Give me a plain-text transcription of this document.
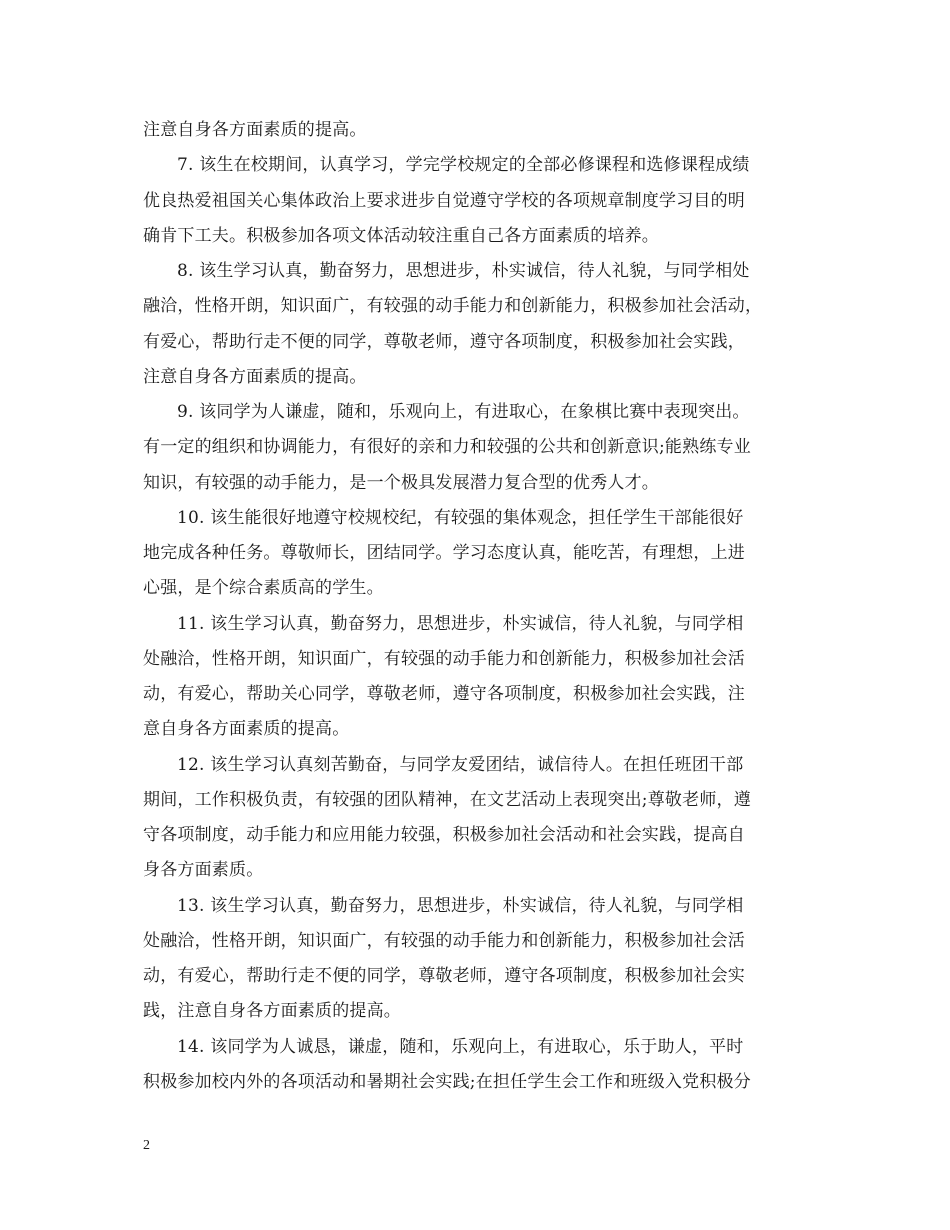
注意自身各方面素质的提高。
7. 该生在校期间，认真学习，学完学校规定的全部必修课程和选修课程成绩
优良热爱祖国关心集体政治上要求进步自觉遵守学校的各项规章制度学习目的明
确肯下工夫。积极参加各项文体活动较注重自己各方面素质的培养。
8. 该生学习认真，勤奋努力，思想进步，朴实诚信，待人礼貌，与同学相处
融洽，性格开朗，知识面广，有较强的动手能力和创新能力，积极参加社会活动，
有爱心，帮助行走不便的同学，尊敬老师，遵守各项制度，积极参加社会实践，
注意自身各方面素质的提高。
9. 该同学为人谦虚，随和，乐观向上，有进取心，在象棋比赛中表现突出。
有一定的组织和协调能力，有很好的亲和力和较强的公共和创新意识;能熟练专业
知识，有较强的动手能力，是一个极具发展潜力复合型的优秀人才。
10. 该生能很好地遵守校规校纪，有较强的集体观念，担任学生干部能很好
地完成各种任务。尊敬师长，团结同学。学习态度认真，能吃苦，有理想，上进
心强，是个综合素质高的学生。
11. 该生学习认真，勤奋努力，思想进步，朴实诚信，待人礼貌，与同学相
处融洽，性格开朗，知识面广，有较强的动手能力和创新能力，积极参加社会活
动，有爱心，帮助关心同学，尊敬老师，遵守各项制度，积极参加社会实践，注
意自身各方面素质的提高。
12. 该生学习认真刻苦勤奋，与同学友爱团结，诚信待人。在担任班团干部
期间，工作积极负责，有较强的团队精神，在文艺活动上表现突出;尊敬老师，遵
守各项制度，动手能力和应用能力较强，积极参加社会活动和社会实践，提高自
身各方面素质。
13. 该生学习认真，勤奋努力，思想进步，朴实诚信，待人礼貌，与同学相
处融洽，性格开朗，知识面广，有较强的动手能力和创新能力，积极参加社会活
动，有爱心，帮助行走不便的同学，尊敬老师，遵守各项制度，积极参加社会实
践，注意自身各方面素质的提高。
14. 该同学为人诚恳，谦虚，随和，乐观向上，有进取心，乐于助人，平时
积极参加校内外的各项活动和暑期社会实践;在担任学生会工作和班级入党积极分
2
